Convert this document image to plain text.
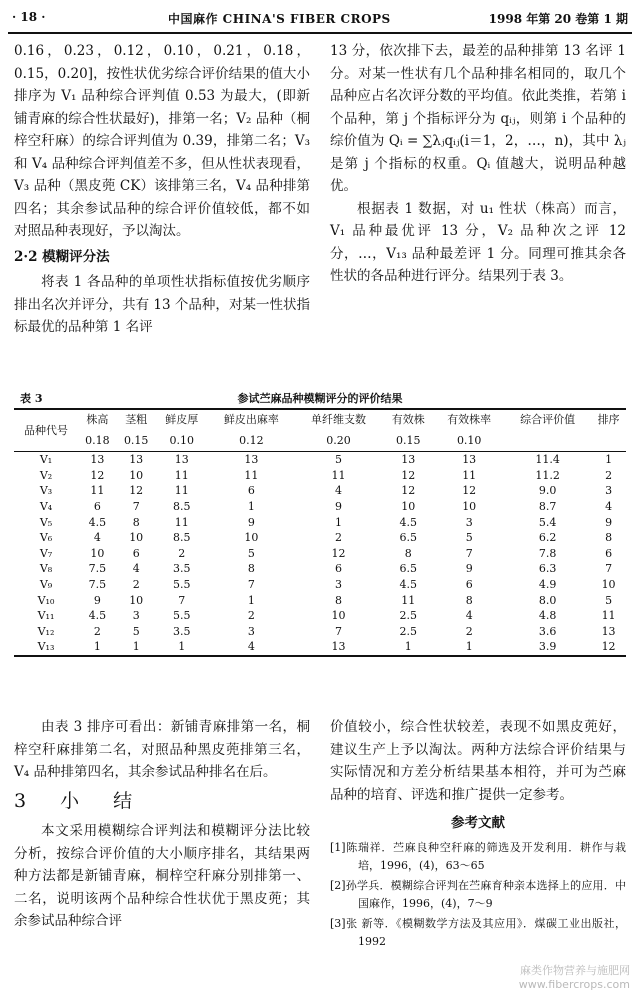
· 18 ·	中国麻作 CHINA'S FIBER CROPS	1998 年第 20 卷第 1 期

0.16，0.23，0.12，0.10，0.21，0.18，0.15，0.20]，按性状优劣综合评价结果的值大小排序为 V₁ 品种综合评判值 0.53 为最大，(即新铺青麻的综合性状最好)，排第一名；V₂ 品种（桐梓空秆麻）的综合评判值为 0.39，排第二名；V₃ 和 V₄ 品种综合评判值差不多，但从性状表现看，V₃ 品种（黑皮蔸 CK）该排第三名，V₄ 品种排第四名；其余参试品种的综合评价值较低，都不如对照品种表现好，予以淘汰。

2·2 模糊评分法

将表 1 各品种的单项性状指标值按优劣顺序排出名次并评分，共有 13 个品种，对某一性状指标最优的品种第 1 名评

13 分，依次排下去，最差的品种排第 13 名评 1 分。对某一性状有几个品种排名相同的，取几个品种应占名次评分数的平均值。依此类推，若第 i 个品种，第 j 个指标评分为 qᵢⱼ，则第 i 个品种的综价值为 Qᵢ = ∑λⱼqᵢⱼ(i＝1，2，…，n)，其中 λⱼ 是第 j 个指标的权重。Qᵢ 值越大，说明品种越优。

根据表 1 数据，对 u₁ 性状（株高）而言，V₁ 品种最优评 13 分，V₂ 品种次之评 12 分，…，V₁₃ 品种最差评 1 分。同理可推其余各性状的各品种进行评分。结果列于表 3。

表 3	参试苎麻品种模糊评分的评价结果
品种代号	株高	茎粗	鲜皮厚	鲜皮出麻率	单纤维支数	有效株	有效株率	综合评价值	排序
	0.18	0.15	0.10	0.12	0.20	0.15	0.10		
V₁	13	13	13	13	5	13	13	11.4	1
V₂	12	10	11	11	11	12	11	11.2	2
V₃	11	12	11	6	4	12	12	9.0	3
V₄	6	7	8.5	1	9	10	10	8.7	4
V₅	4.5	8	11	9	1	4.5	3	5.4	9
V₆	4	10	8.5	10	2	6.5	5	6.2	8
V₇	10	6	2	5	12	8	7	7.8	6
V₈	7.5	4	3.5	8	6	6.5	9	6.3	7
V₉	7.5	2	5.5	7	3	4.5	6	4.9	10
V₁₀	9	10	7	1	8	11	8	8.0	5
V₁₁	4.5	3	5.5	2	10	2.5	4	4.8	11
V₁₂	2	5	3.5	3	7	2.5	2	3.6	13
V₁₃	1	1	1	4	13	1	1	3.9	12

由表 3 排序可看出：新铺青麻排第一名，桐梓空秆麻排第二名，对照品种黑皮蔸排第三名，V₄ 品种排第四名，其余参试品种排名在后。

3 小 结

本文采用模糊综合评判法和模糊评分法比较分析，按综合评价值的大小顺序排名，其结果两种方法都是新铺青麻，桐梓空秆麻分别排第一、二名，说明该两个品种综合性状优于黑皮蔸；其余参试品种综合评

价值较小，综合性状较差，表现不如黑皮蔸好，建议生产上予以淘汰。两种方法综合评价结果与实际情况和方差分析结果基本相符，并可为苎麻品种的培育、评选和推广提供一定参考。

参考文献

[1]陈瑞祥．苎麻良种空秆麻的筛选及开发利用．耕作与栽培，1996，(4)，63～65

[2]孙学兵．模糊综合评判在苎麻育种亲本选择上的应用．中国麻作，1996，(4)，7～9

[3]张 新等．《模糊数学方法及其应用》．煤碳工业出版社，1992

麻类作物营养与施肥网
www.fibercrops.com
